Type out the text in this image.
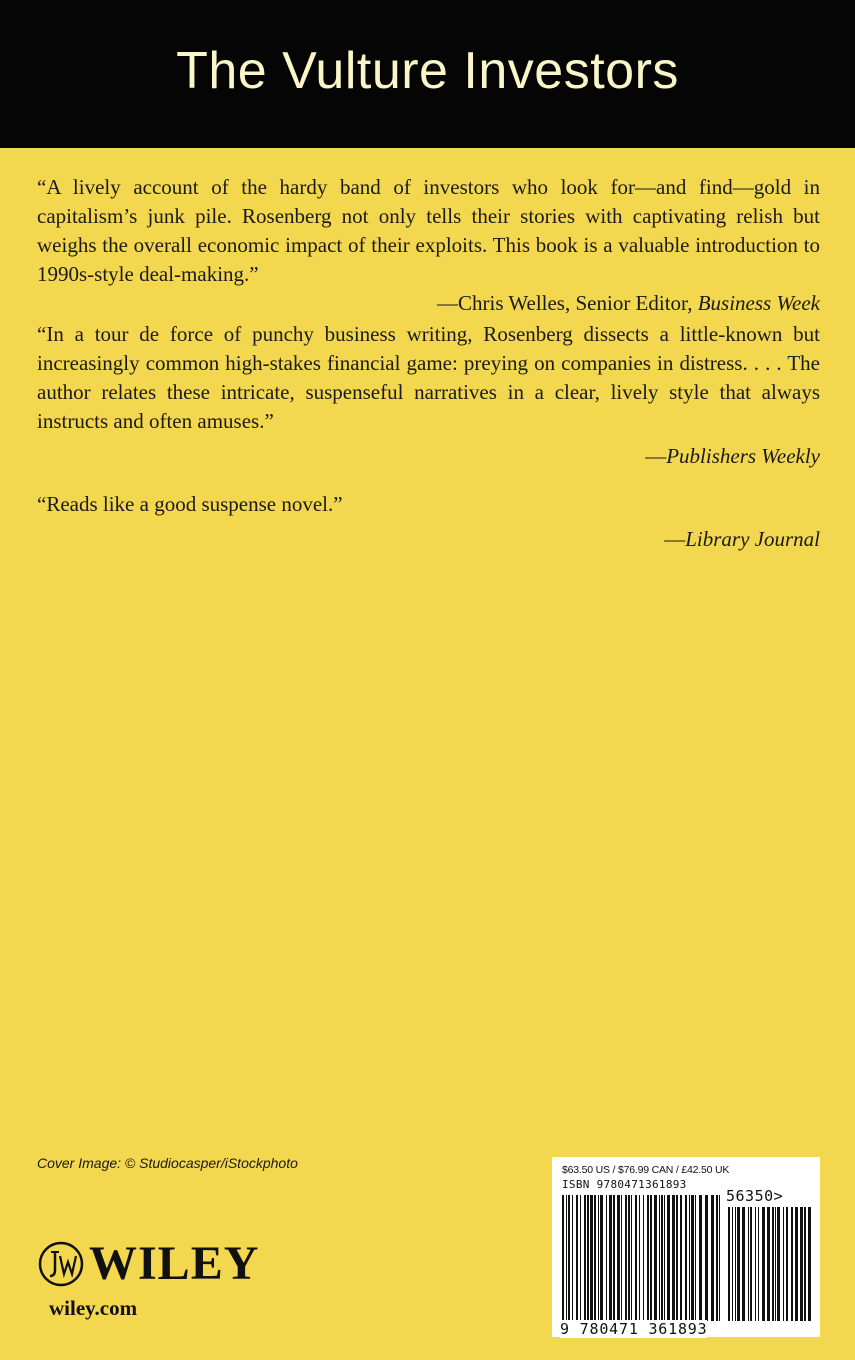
The Vulture Investors

“A lively account of the hardy band of investors who look for—and find—gold in capitalism’s junk pile. Rosenberg not only tells their stories with captivating relish but weighs the overall economic impact of their exploits. This book is a valuable introduction to 1990s-style deal-making.”

—Chris Welles, Senior Editor, Business Week

“In a tour de force of punchy business writing, Rosenberg dissects a little-known but increasingly common high-stakes financial game: preying on companies in distress. . . . The author relates these intricate, suspenseful narratives in a clear, lively style that always instructs and often amuses.”

—Publishers Weekly

“Reads like a good suspense novel.”

—Library Journal
Cover Image: © Studiocasper/iStockphoto
WILEY
wiley.com
$63.50 US / $76.99 CAN / £42.50 UK
ISBN 9780471361893
56350>
9 780471 361893
